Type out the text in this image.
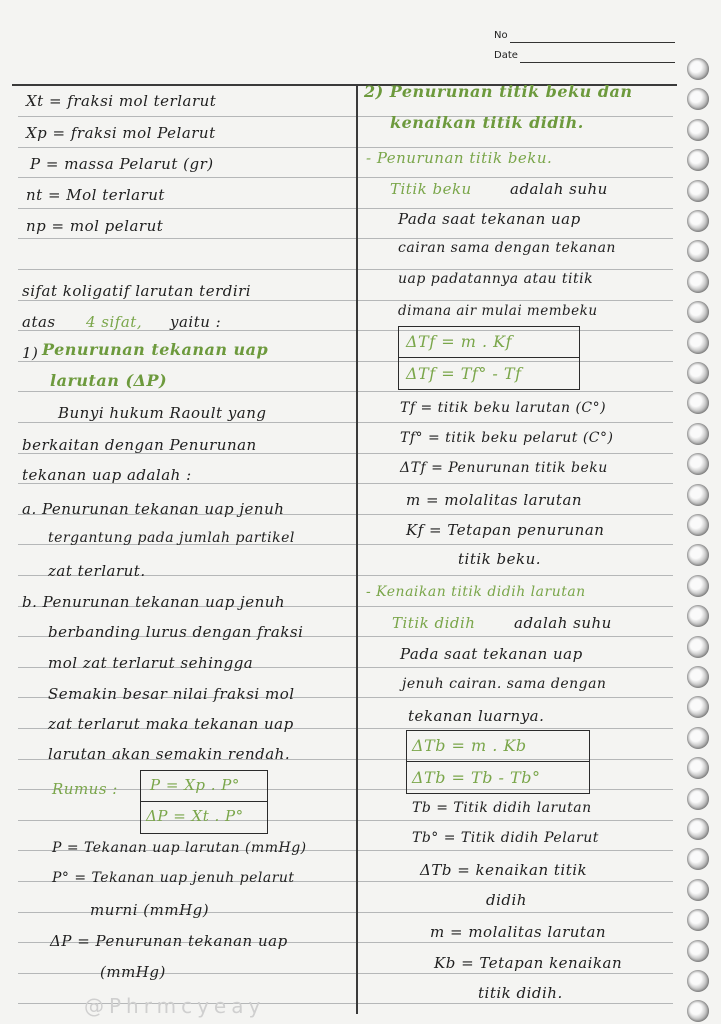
No
Date
Xt = fraksi mol terlarut
Xp = fraksi mol Pelarut
P = massa Pelarut (gr)
nt = Mol terlarut
np = mol pelarut
sifat koligatif larutan terdiri
atas 4 sifat, yaitu :
1) Penurunan tekanan uap
larutan (ΔP)
Bunyi hukum Raoult yang
berkaitan dengan Penurunan
tekanan uap adalah :
a. Penurunan tekanan uap jenuh
tergantung pada jumlah partikel
zat terlarut.
b. Penurunan tekanan uap jenuh
berbanding lurus dengan fraksi
mol zat terlarut sehingga
Semakin besar nilai fraksi mol
zat terlarut maka tekanan uap
larutan akan semakin rendah.
Rumus : P = Xp . P°
ΔP = Xt . P°
P = Tekanan uap larutan (mmHg)
P° = Tekanan uap jenuh pelarut
murni (mmHg)
ΔP = Penurunan tekanan uap
(mmHg)
2) Penurunan titik beku dan
kenaikan titik didih.
- Penurunan titik beku.
Titik beku	adalah suhu
Pada saat tekanan uap
cairan sama dengan tekanan
uap padatannya atau titik
dimana air mulai membeku
ΔTf = m . Kf
ΔTf = Tf° - Tf
Tf = titik beku larutan (C°)
Tf° = titik beku pelarut (C°)
ΔTf = Penurunan titik beku
m = molalitas larutan
Kf = Tetapan penurunan
titik beku.
- Kenaikan titik didih larutan
Titik didih	adalah suhu
Pada saat tekanan uap
jenuh cairan. sama dengan
tekanan luarnya.
ΔTb = m . Kb
ΔTb = Tb - Tb°
Tb = Titik didih larutan
Tb° = Titik didih Pelarut
ΔTb = kenaikan titik
didih
m = molalitas larutan
Kb = Tetapan kenaikan
titik didih.
@Phrmcyeay
